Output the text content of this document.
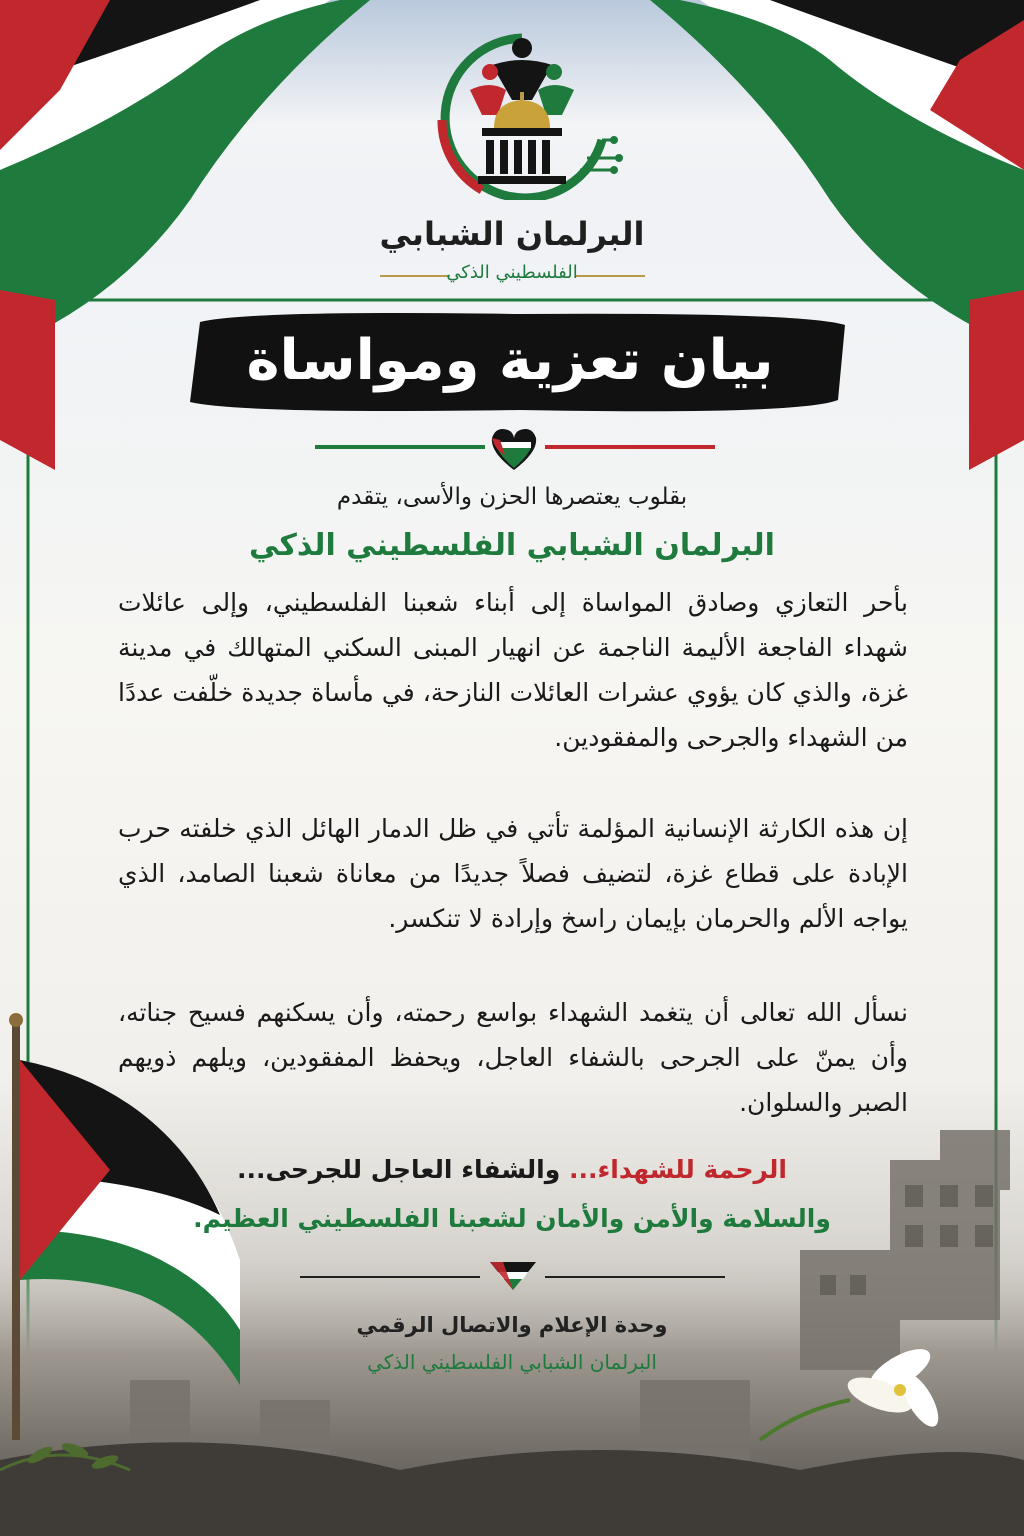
البرلمان الشبابي
الفلسطيني الذكي
بيان تعزية ومواساة
بقلوب يعتصرها الحزن والأسى، يتقدم
البرلمان الشبابي الفلسطيني الذكي
بأحر التعازي وصادق المواساة إلى أبناء شعبنا الفلسطيني، وإلى عائلات شهداء الفاجعة الأليمة الناجمة عن انهيار المبنى السكني المتهالك في مدينة غزة، والذي كان يؤوي عشرات العائلات النازحة، في مأساة جديدة خلّفت عددًا من الشهداء والجرحى والمفقودين.
إن هذه الكارثة الإنسانية المؤلمة تأتي في ظل الدمار الهائل الذي خلفته حرب الإبادة على قطاع غزة، لتضيف فصلاً جديدًا من معاناة شعبنا الصامد، الذي يواجه الألم والحرمان بإيمان راسخ وإرادة لا تنكسر.
نسأل الله تعالى أن يتغمد الشهداء بواسع رحمته، وأن يسكنهم فسيح جناته، وأن يمنّ على الجرحى بالشفاء العاجل، ويحفظ المفقودين، ويلهم ذويهم الصبر والسلوان.
الرحمة للشهداء... والشفاء العاجل للجرحى...
والسلامة والأمن والأمان لشعبنا الفلسطيني العظيم.
وحدة الإعلام والاتصال الرقمي
البرلمان الشبابي الفلسطيني الذكي
